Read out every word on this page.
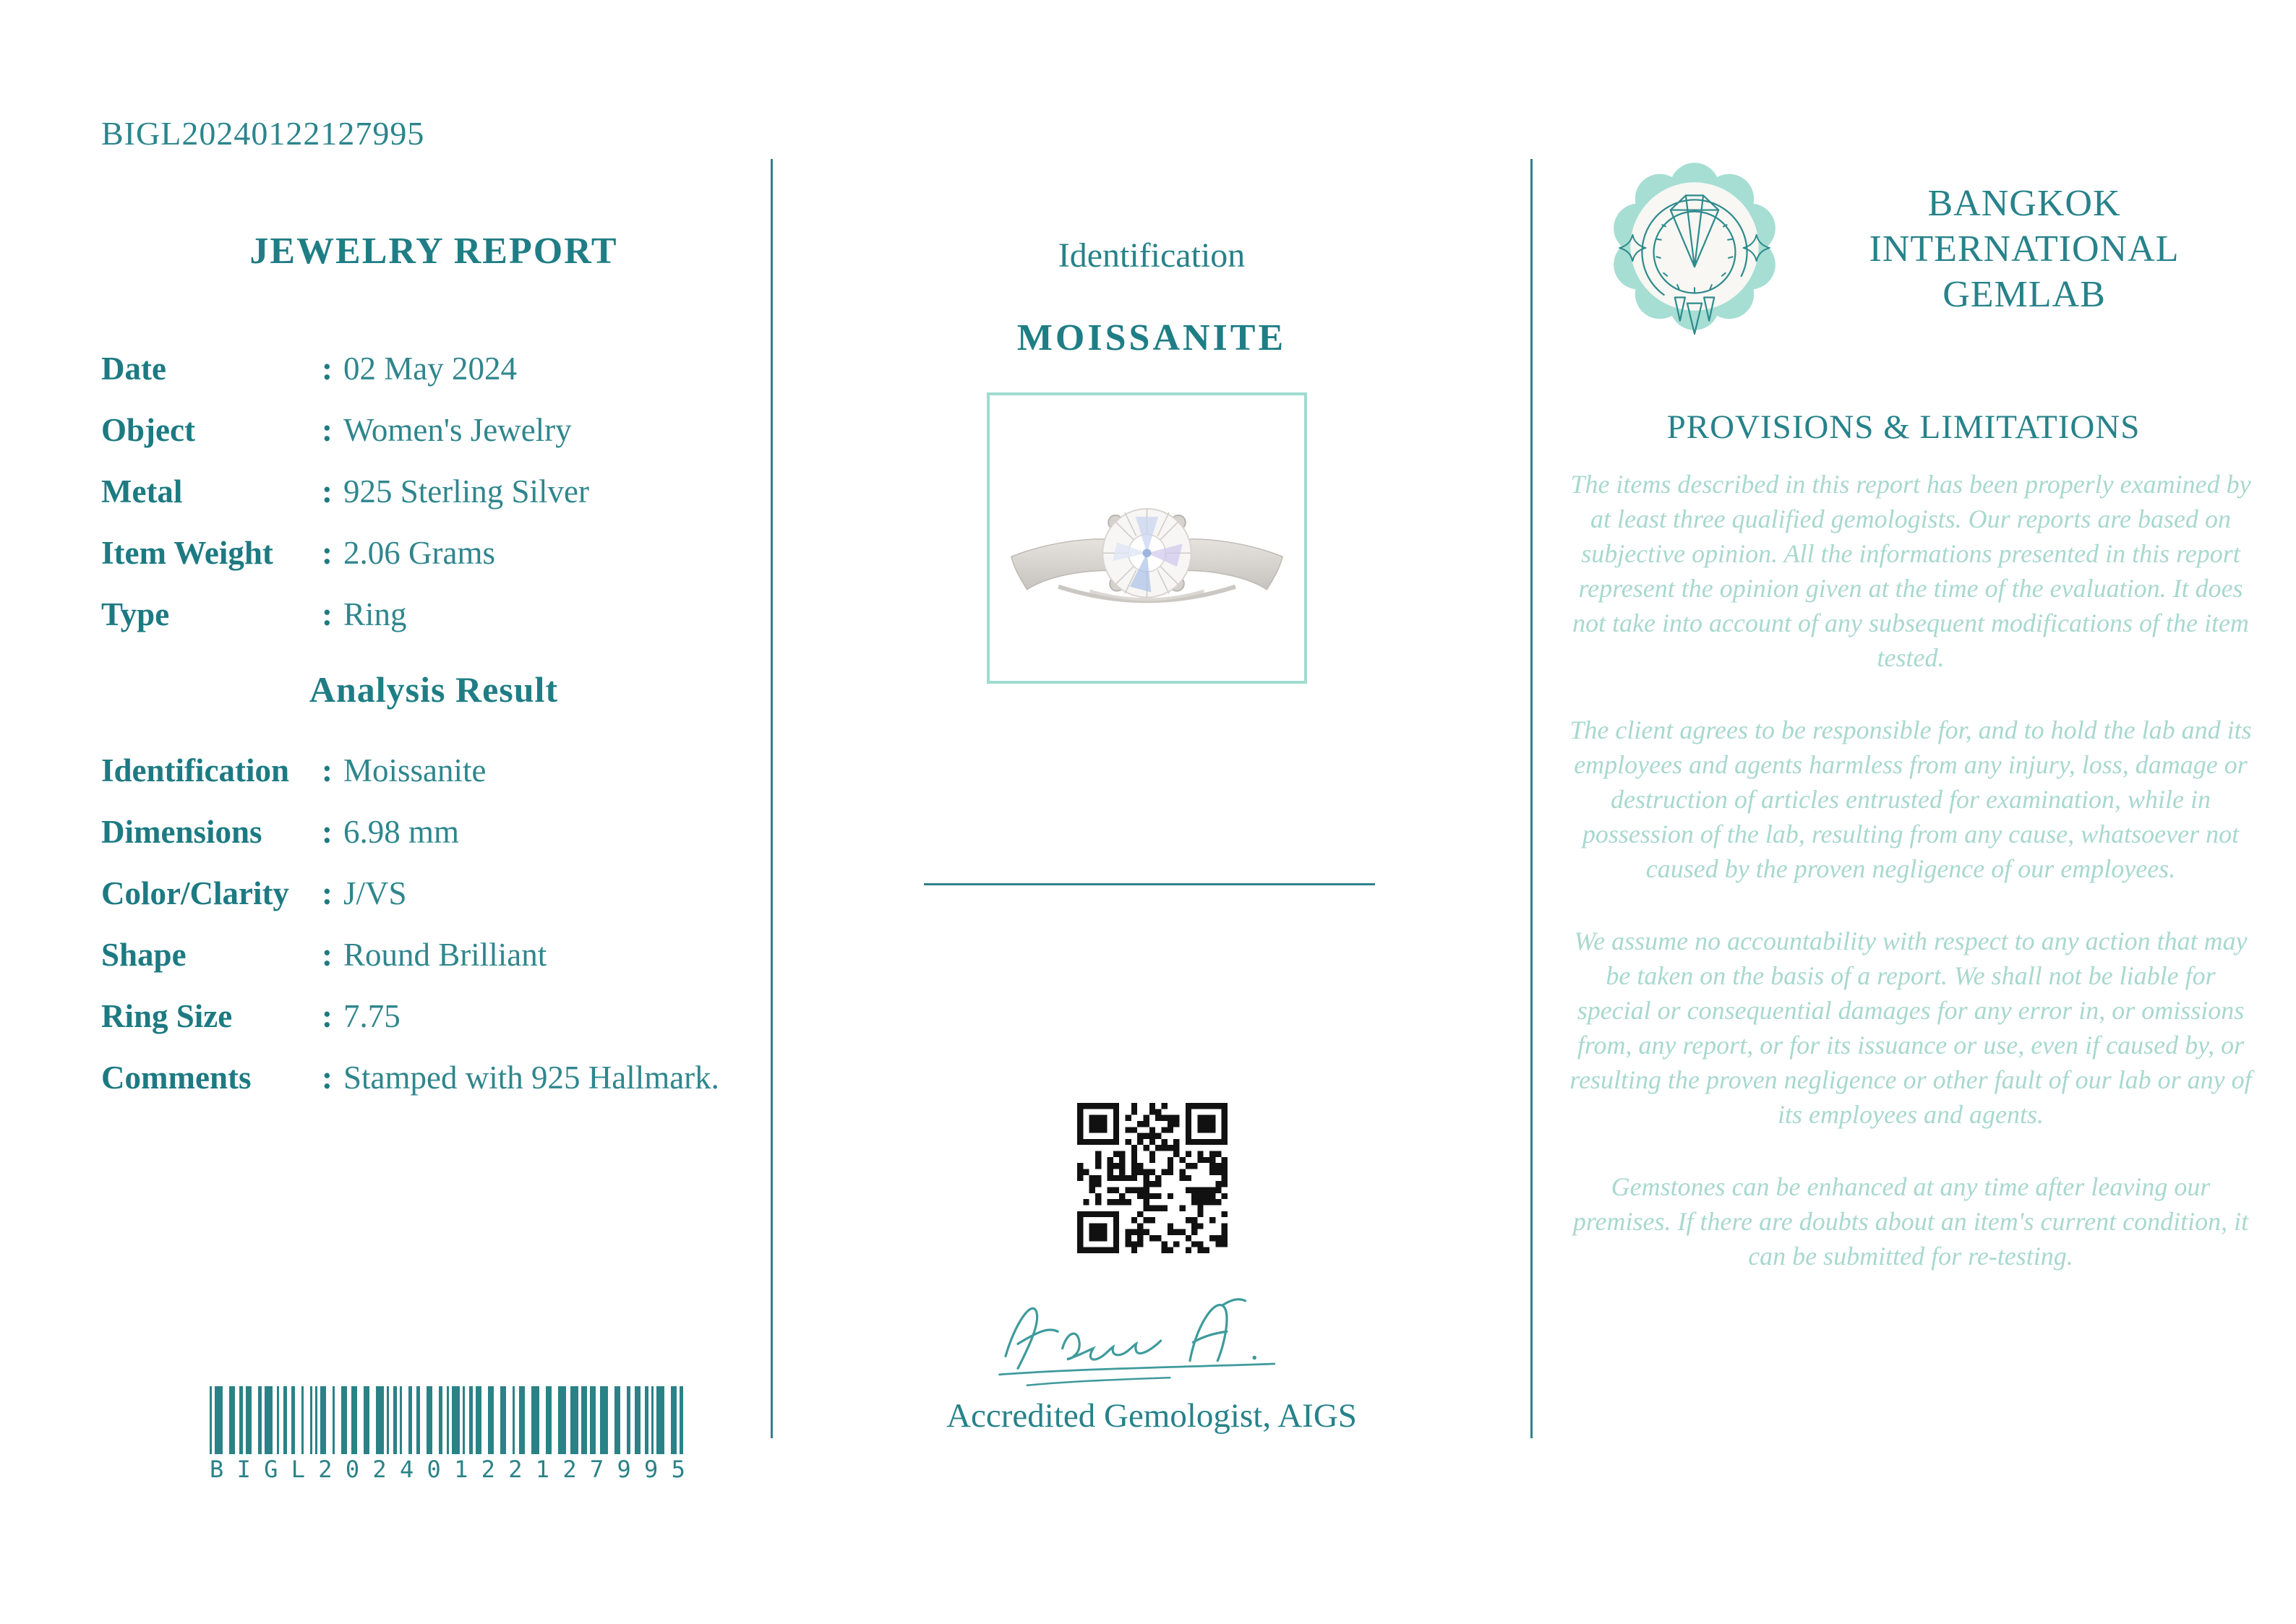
BIGL20240122127995
JEWELRY REPORT
Date	: 02 May 2024
Object	: Women's Jewelry
Metal	: 925 Sterling Silver
Item Weight	: 2.06 Grams
Type	: Ring
Analysis Result
Identification : Moissanite
Dimensions	: 6.98 mm
Color/Clarity	: J/VS
Shape	: Round Brilliant
Ring Size	: 7.75
Comments	: Stamped with 925 Hallmark.
B I G L 2 0 2 4 0 1 2 2 1 2 7 9 9 5
Identification
MOISSANITE
Accredited Gemologist, AIGS
BANGKOK
INTERNATIONAL
GEMLAB
PROVISIONS & LIMITATIONS

The items described in this report has been properly examined by at least three qualified gemologists. Our reports are based on subjective opinion. All the informations presented in this report represent the opinion given at the time of the evaluation. It does not take into account of any subsequent modifications of the item tested.

The client agrees to be responsible for, and to hold the lab and its employees and agents harmless from any injury, loss, damage or destruction of articles entrusted for examination, while in possession of the lab, resulting from any cause, whatsoever not caused by the proven negligence of our employees.

We assume no accountability with respect to any action that may be taken on the basis of a report. We shall not be liable for special or consequential damages for any error in, or omissions from, any report, or for its issuance or use, even if caused by, or resulting the proven negligence or other fault of our lab or any of its employees and agents.

Gemstones can be enhanced at any time after leaving our premises. If there are doubts about an item's current condition, it can be submitted for re-testing.
